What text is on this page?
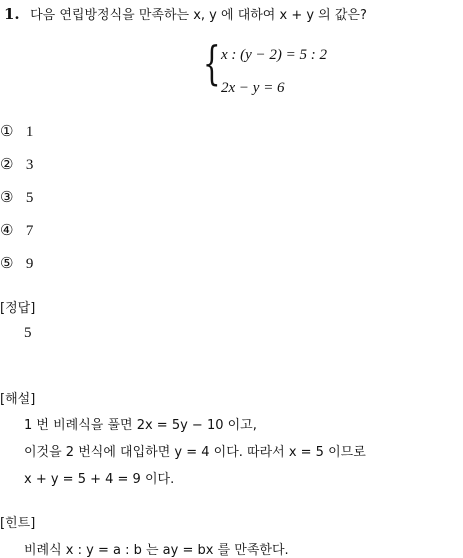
1. 다음 연립방정식을 만족하는 x, y 에 대하여 x + y 의 값은?
{ x : (y − 2) = 5 : 2
2x − y = 6
① 1
② 3
③ 5
④ 7
⑤ 9
[정답]
5
[해설]
1 번 비례식을 풀면 2x = 5y − 10 이고,
이것을 2 번식에 대입하면 y = 4 이다. 따라서 x = 5 이므로
x + y = 5 + 4 = 9 이다.
[힌트]
비례식 x : y = a : b 는 ay = bx 를 만족한다.
